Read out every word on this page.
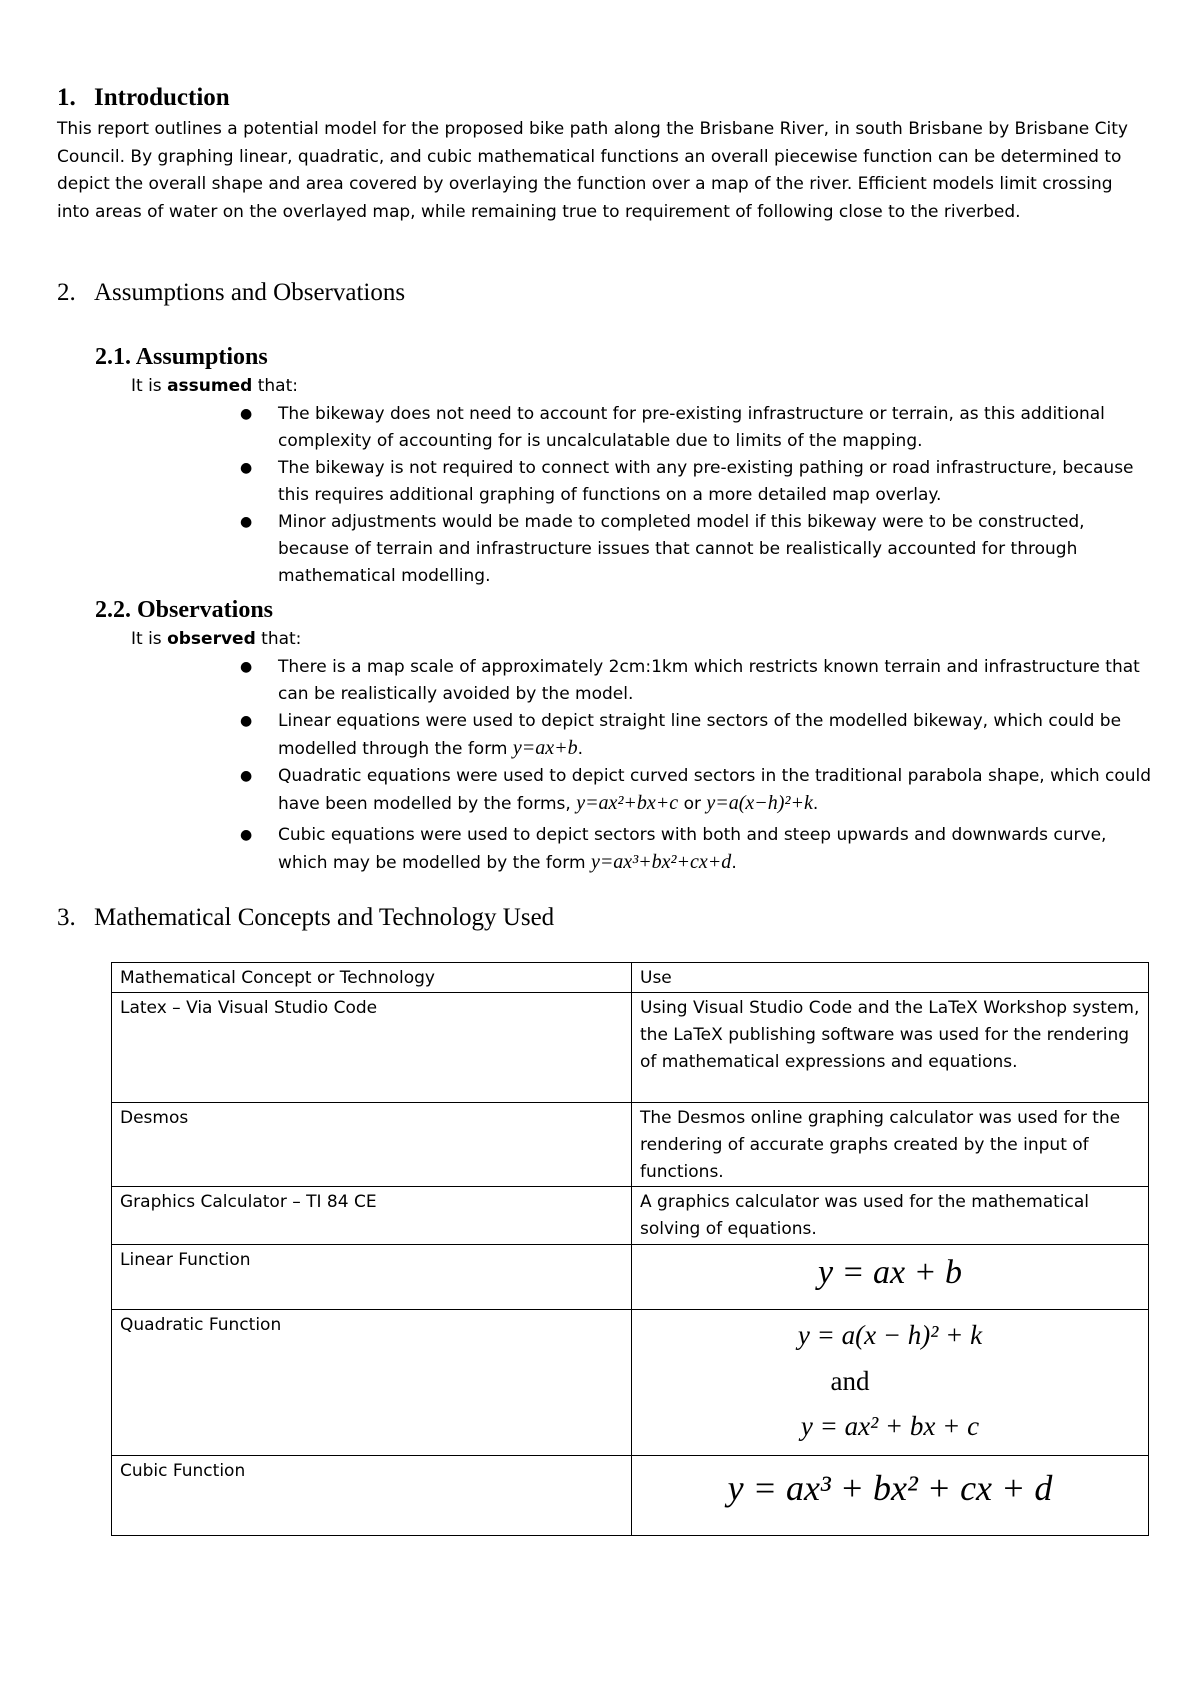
1. Introduction
This report outlines a potential model for the proposed bike path along the Brisbane River, in south Brisbane by Brisbane City Council. By graphing linear, quadratic, and cubic mathematical functions an overall piecewise function can be determined to depict the overall shape and area covered by overlaying the function over a map of the river. Efficient models limit crossing into areas of water on the overlayed map, while remaining true to requirement of following close to the riverbed.
2. Assumptions and Observations
2.1. Assumptions
It is assumed that:
● The bikeway does not need to account for pre-existing infrastructure or terrain, as this additional complexity of accounting for is uncalculatable due to limits of the mapping.
● The bikeway is not required to connect with any pre-existing pathing or road infrastructure, because this requires additional graphing of functions on a more detailed map overlay.
● Minor adjustments would be made to completed model if this bikeway were to be constructed, because of terrain and infrastructure issues that cannot be realistically accounted for through mathematical modelling.
2.2. Observations
It is observed that:
● There is a map scale of approximately 2cm:1km which restricts known terrain and infrastructure that can be realistically avoided by the model.
● Linear equations were used to depict straight line sectors of the modelled bikeway, which could be modelled through the form y=ax+b.
● Quadratic equations were used to depict curved sectors in the traditional parabola shape, which could have been modelled by the forms, y=ax²+bx+c or y=a(x−h)²+k.
● Cubic equations were used to depict sectors with both and steep upwards and downwards curve, which may be modelled by the form y=ax³+bx²+cx+d.
3. Mathematical Concepts and Technology Used
Mathematical Concept or Technology	Use
Latex – Via Visual Studio Code	Using Visual Studio Code and the LaTeX Workshop system, the LaTeX publishing software was used for the rendering of mathematical expressions and equations.
Desmos	The Desmos online graphing calculator was used for the rendering of accurate graphs created by the input of functions.
Graphics Calculator – TI 84 CE	A graphics calculator was used for the mathematical solving of equations.
Linear Function	y = ax + b

Quadratic Function	y = a(x − h)² + k
and
y = ax² + bx + c

Cubic Function	y = ax³ + bx² + cx + d
